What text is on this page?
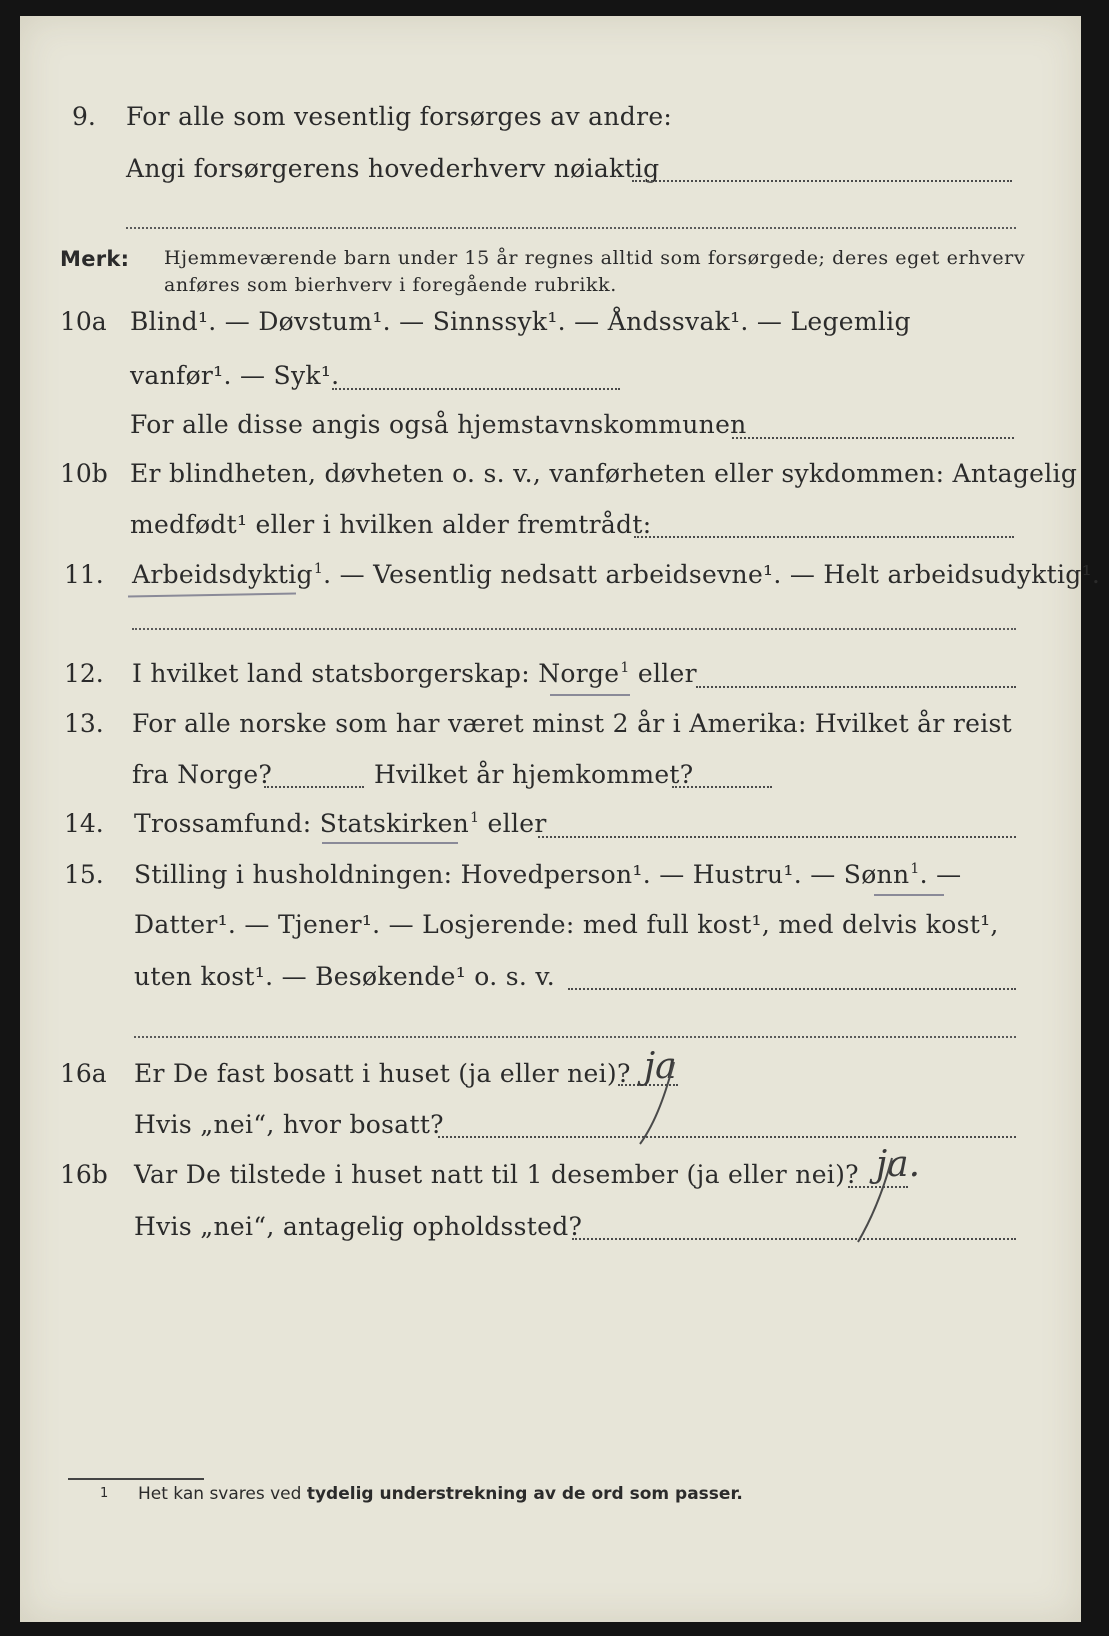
9. For alle som vesentlig forsørges av andre:
Angi forsørgerens hovederhverv nøiaktig
Merk: Hjemmeværende barn under 15 år regnes alltid som forsørgede; deres eget erhverv
anføres som bierhverv i foregående rubrikk.
10a Blind¹. — Døvstum¹. — Sinnssyk¹. — Åndssvak¹. — Legemlig
vanfør¹. — Syk¹.
For alle disse angis også hjemstavnskommunen
10b Er blindheten, døvheten o. s. v., vanførheten eller sykdommen: Antagelig
medfødt¹ eller i hvilken alder fremtrådt:
11. Arbeidsdyktig$^1$. — Vesentlig nedsatt arbeidsevne¹. — Helt arbeidsudyktig¹.
12. I hvilket land statsborgerskap: Norge$^1$ eller
13. For alle norske som har været minst 2 år i Amerika: Hvilket år reist
fra Norge?	Hvilket år hjemkommet?
14. Trossamfund: Statskirken$^1$ eller
15. Stilling i husholdningen: Hovedperson¹. — Hustru¹. — Sønn$^1$. —
Datter¹. — Tjener¹. — Losjerende: med full kost¹, med delvis kost¹,
uten kost¹. — Besøkende¹ o. s. v.
16a Er De fast bosatt i huset (ja eller nei)? ja
Hvis „nei“, hvor bosatt?
16b Var De tilstede i huset natt til 1 desember (ja eller nei)? ja.
Hvis „nei“, antagelig opholdssted?
1 Het kan svares ved tydelig understrekning av de ord som passer.
